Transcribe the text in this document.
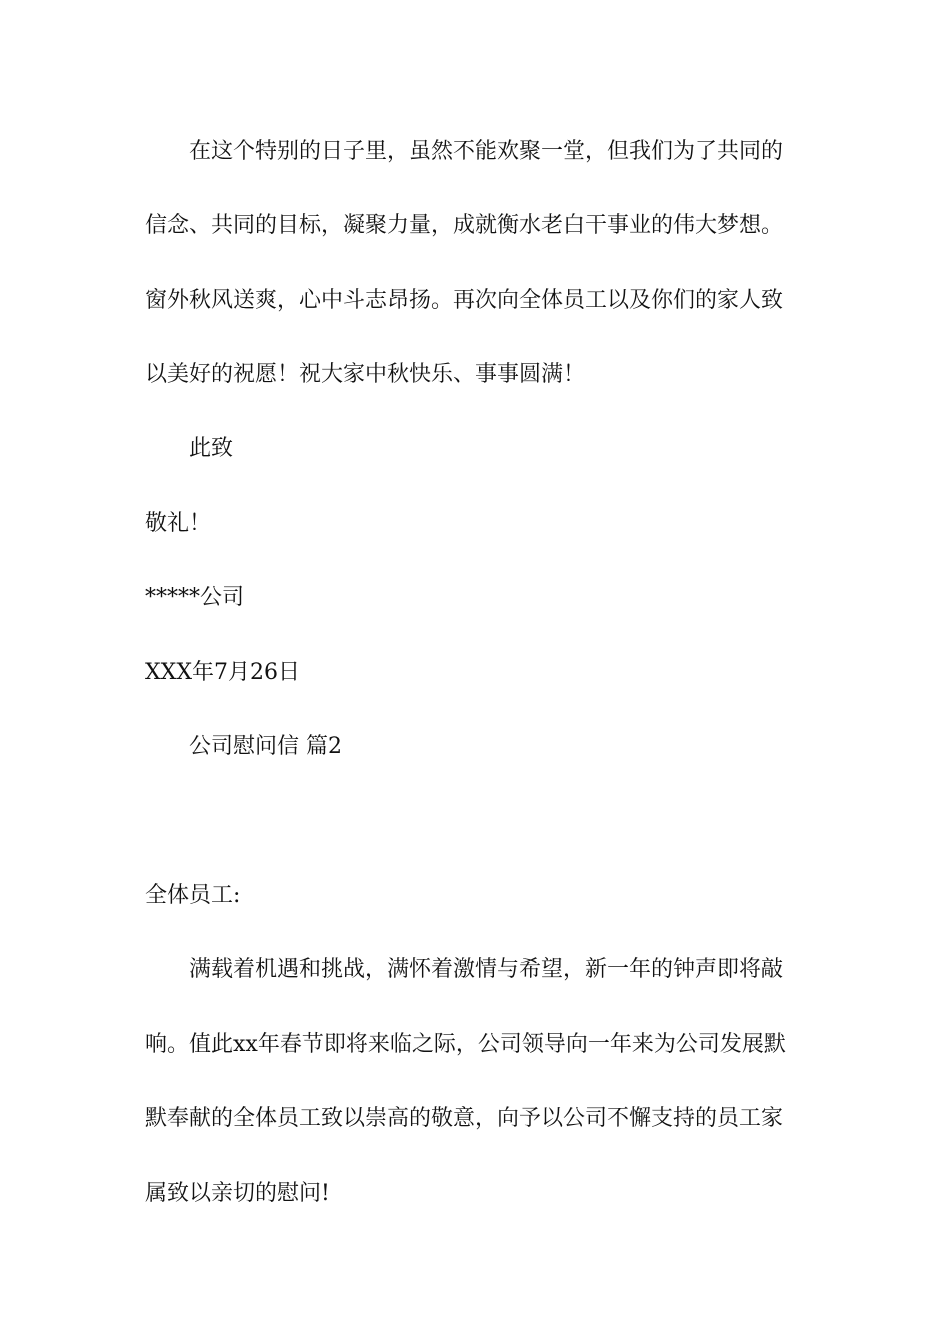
在这个特别的日子里，虽然不能欢聚一堂，但我们为了共同的
信念、共同的目标，凝聚力量，成就衡水老白干事业的伟大梦想。
窗外秋风送爽，心中斗志昂扬。再次向全体员工以及你们的家人致
以美好的祝愿！祝大家中秋快乐、事事圆满！
此致
敬礼！
*****公司
XXX年7月26日
公司慰问信 篇2
全体员工:
满载着机遇和挑战，满怀着激情与希望，新一年的钟声即将敲
响。值此xx年春节即将来临之际，公司领导向一年来为公司发展默
默奉献的全体员工致以崇高的敬意，向予以公司不懈支持的员工家
属致以亲切的慰问!
